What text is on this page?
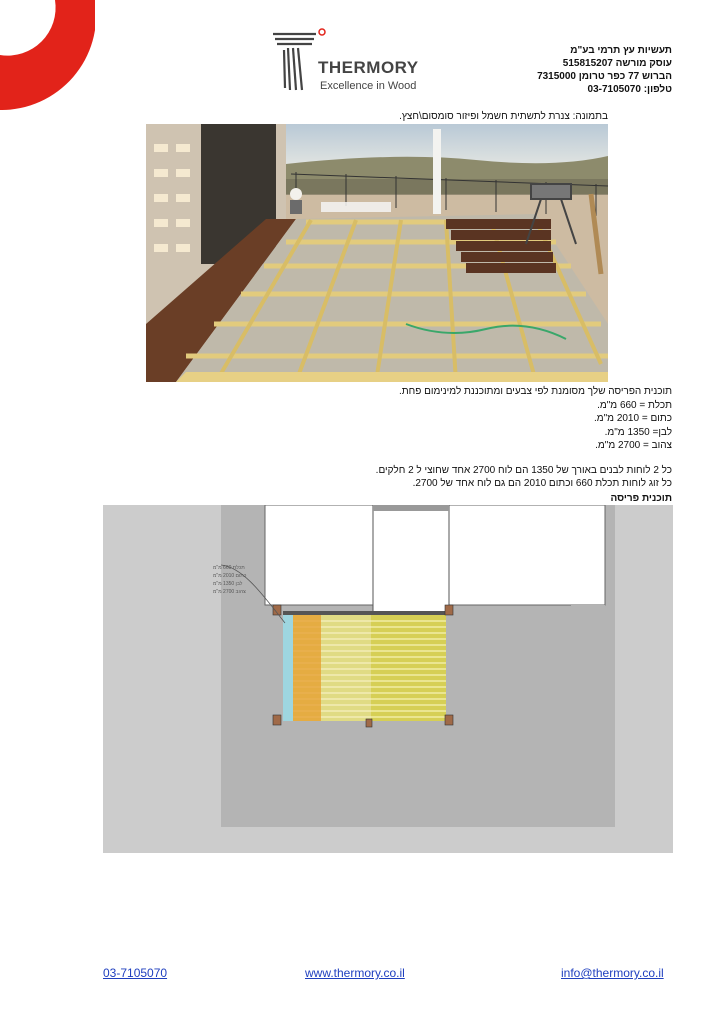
THERMORY
Excellence in Wood
תעשיות עץ תרמי בע"מ
עוסק מורשה 515815207
הברוש 77 כפר טרומן 7315000
טלפון: 03-7105070
בתמונה: צנרת לתשתית חשמל ופיזור סומסום\חצץ.
תוכנית הפריסה שלך מסומנת לפי צבעים ומתוכננת למינימום פחת.
תכלת = 660 מ"מ.
כתום = 2010 מ"מ.
לבן= 1350 מ"מ.
צהוב = 2700 מ"מ.
כל 2 לוחות לבנים באורך של 1350 הם לוח 2700 אחד שחוצי ל 2 חלקים.
כל זוג לוחות תכלת 660 וכתום 2010 הם גם לוח אחד של 2700.
תוכנית פריסה
תכלת 660 מ"מ
כתום 2010 מ"מ
לבן 1350 מ"מ
צהוב 2700 מ"מ
03-7105070	www.thermory.co.il	info@thermory.co.il
